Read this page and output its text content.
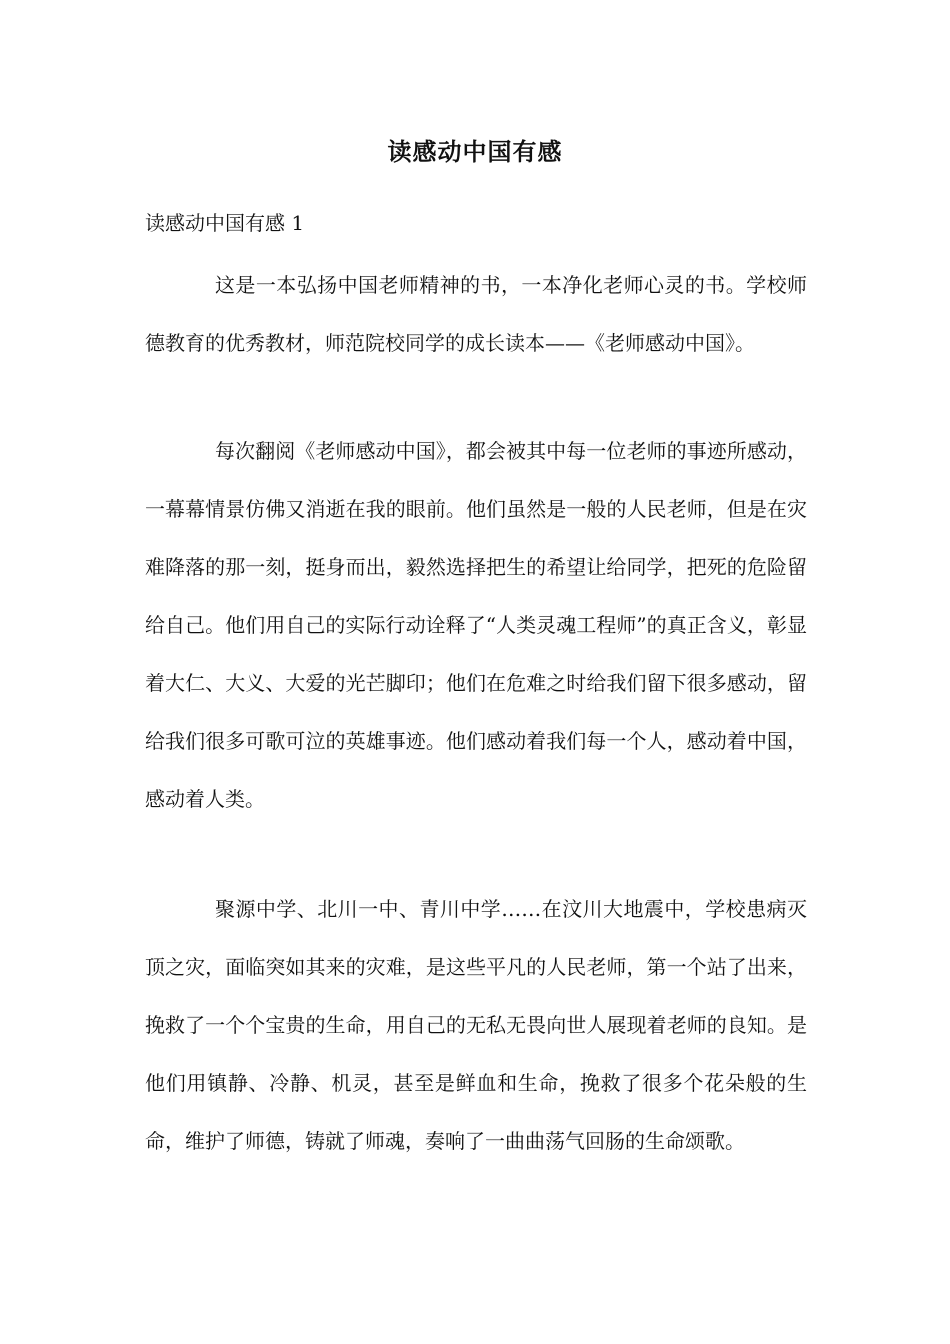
读感动中国有感
读感动中国有感 1

这是一本弘扬中国老师精神的书，一本净化老师心灵的书。学校师德教育的优秀教材，师范院校同学的成长读本——《老师感动中国》。

每次翻阅《老师感动中国》，都会被其中每一位老师的事迹所感动，一幕幕情景仿佛又消逝在我的眼前。他们虽然是一般的人民老师，但是在灾难降落的那一刻，挺身而出，毅然选择把生的希望让给同学，把死的危险留给自己。他们用自己的实际行动诠释了“人类灵魂工程师”的真正含义，彰显着大仁、大义、大爱的光芒脚印；他们在危难之时给我们留下很多感动，留给我们很多可歌可泣的英雄事迹。他们感动着我们每一个人，感动着中国，感动着人类。

聚源中学、北川一中、青川中学……在汶川大地震中，学校患病灭顶之灾，面临突如其来的灾难，是这些平凡的人民老师，第一个站了出来，挽救了一个个宝贵的生命，用自己的无私无畏向世人展现着老师的良知。是他们用镇静、冷静、机灵，甚至是鲜血和生命，挽救了很多个花朵般的生命，维护了师德，铸就了师魂，奏响了一曲曲荡气回肠的生命颂歌。
